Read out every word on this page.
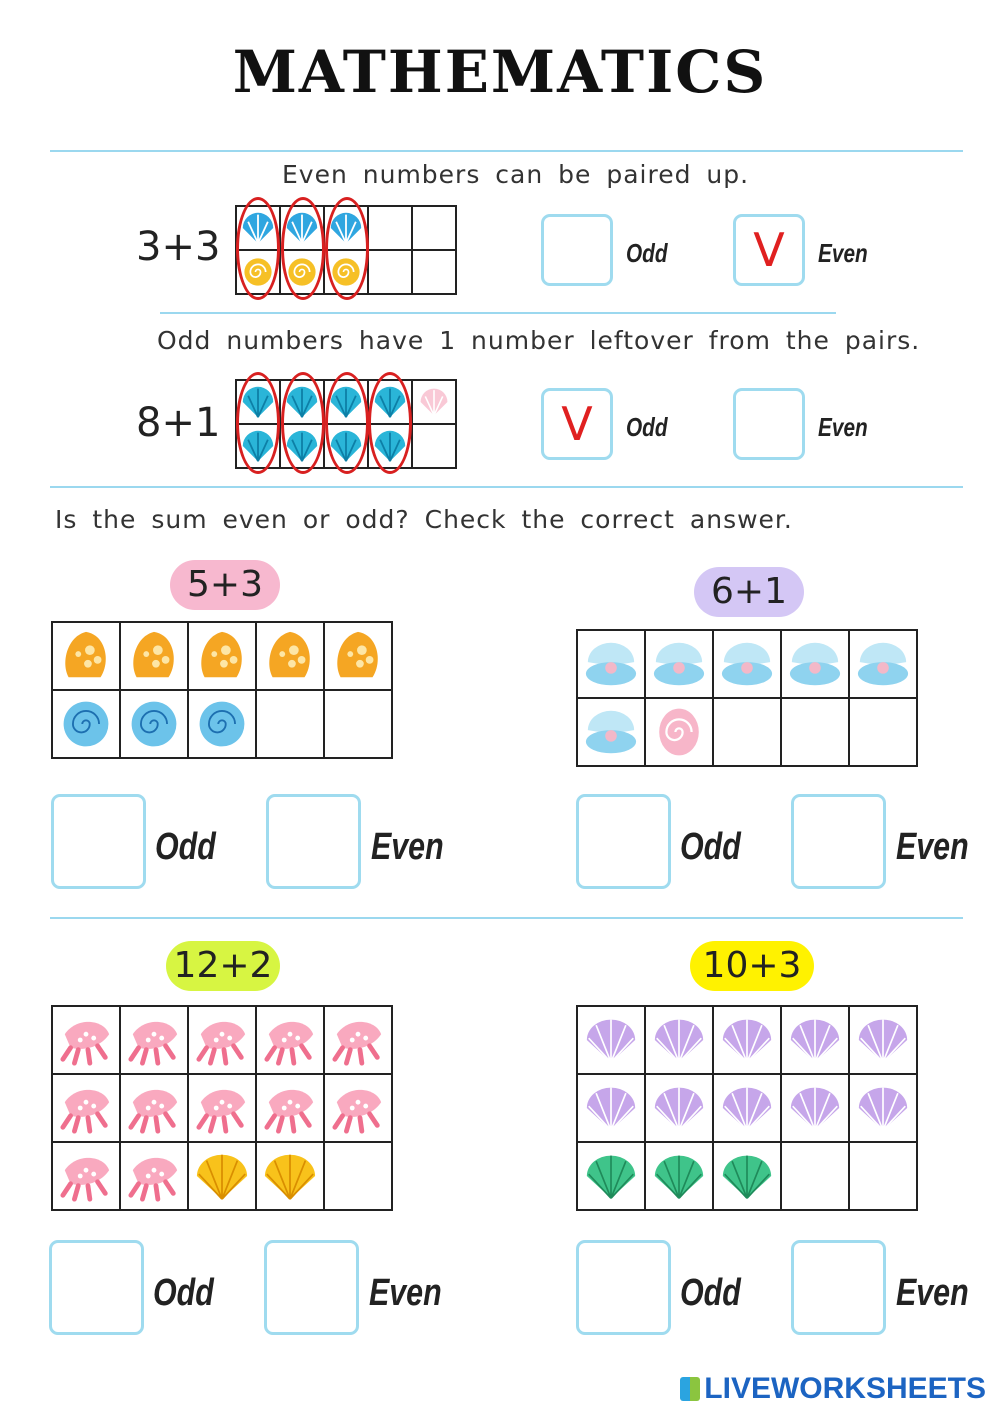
MATHEMATICS
Even numbers can be paired up.
3+3

			Odd	V	Even
Odd numbers have 1 number leftover from the pairs.
8+1

		V	Odd	Even
Is the sum even or odd? Check the correct answer.
5+3

Odd	Even
6+1

Odd	Even
12+2

Odd	Even
10+3

Odd	Even
LIVEWORKSHEETS
